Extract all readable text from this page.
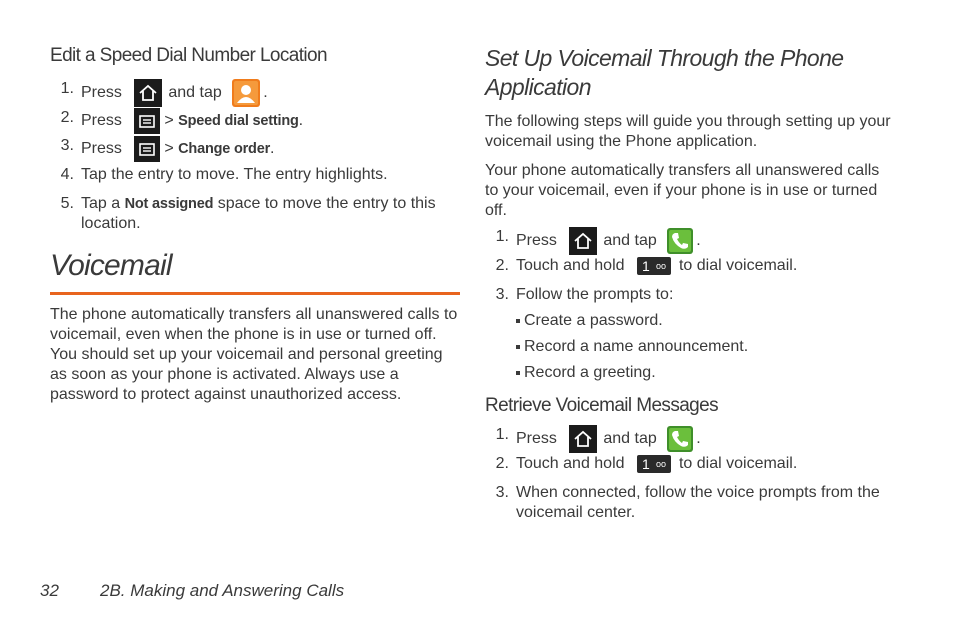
Edit a Speed Dial Number Location
1. Press	and tap	.
2. Press	> Speed dial setting.
3. Press	> Change order.
4. Tap the entry to move. The entry highlights.
5. Tap a Not assigned space to move the entry to this location.
Voicemail

The phone automatically transfers all unanswered calls to voicemail, even when the phone is in use or turned off. You should set up your voicemail and personal greeting as soon as your phone is activated. Always use a password to protect against unauthorized access.

Set Up Voicemail Through the Phone Application

The following steps will guide you through setting up your voicemail using the Phone application.

Your phone automatically transfers all unanswered calls to your voicemail, even if your phone is in use or turned off.

1. Press	and tap .
2. Touch and hold 1 oo to dial voicemail.
3. Follow the prompts to:
Create a password.
Record a name announcement.
Record a greeting.
Retrieve Voicemail Messages
1. Press	and tap .
2. Touch and hold 1 oo to dial voicemail.
3. When connected, follow the voice prompts from the voicemail center.
32 2B. Making and Answering Calls
